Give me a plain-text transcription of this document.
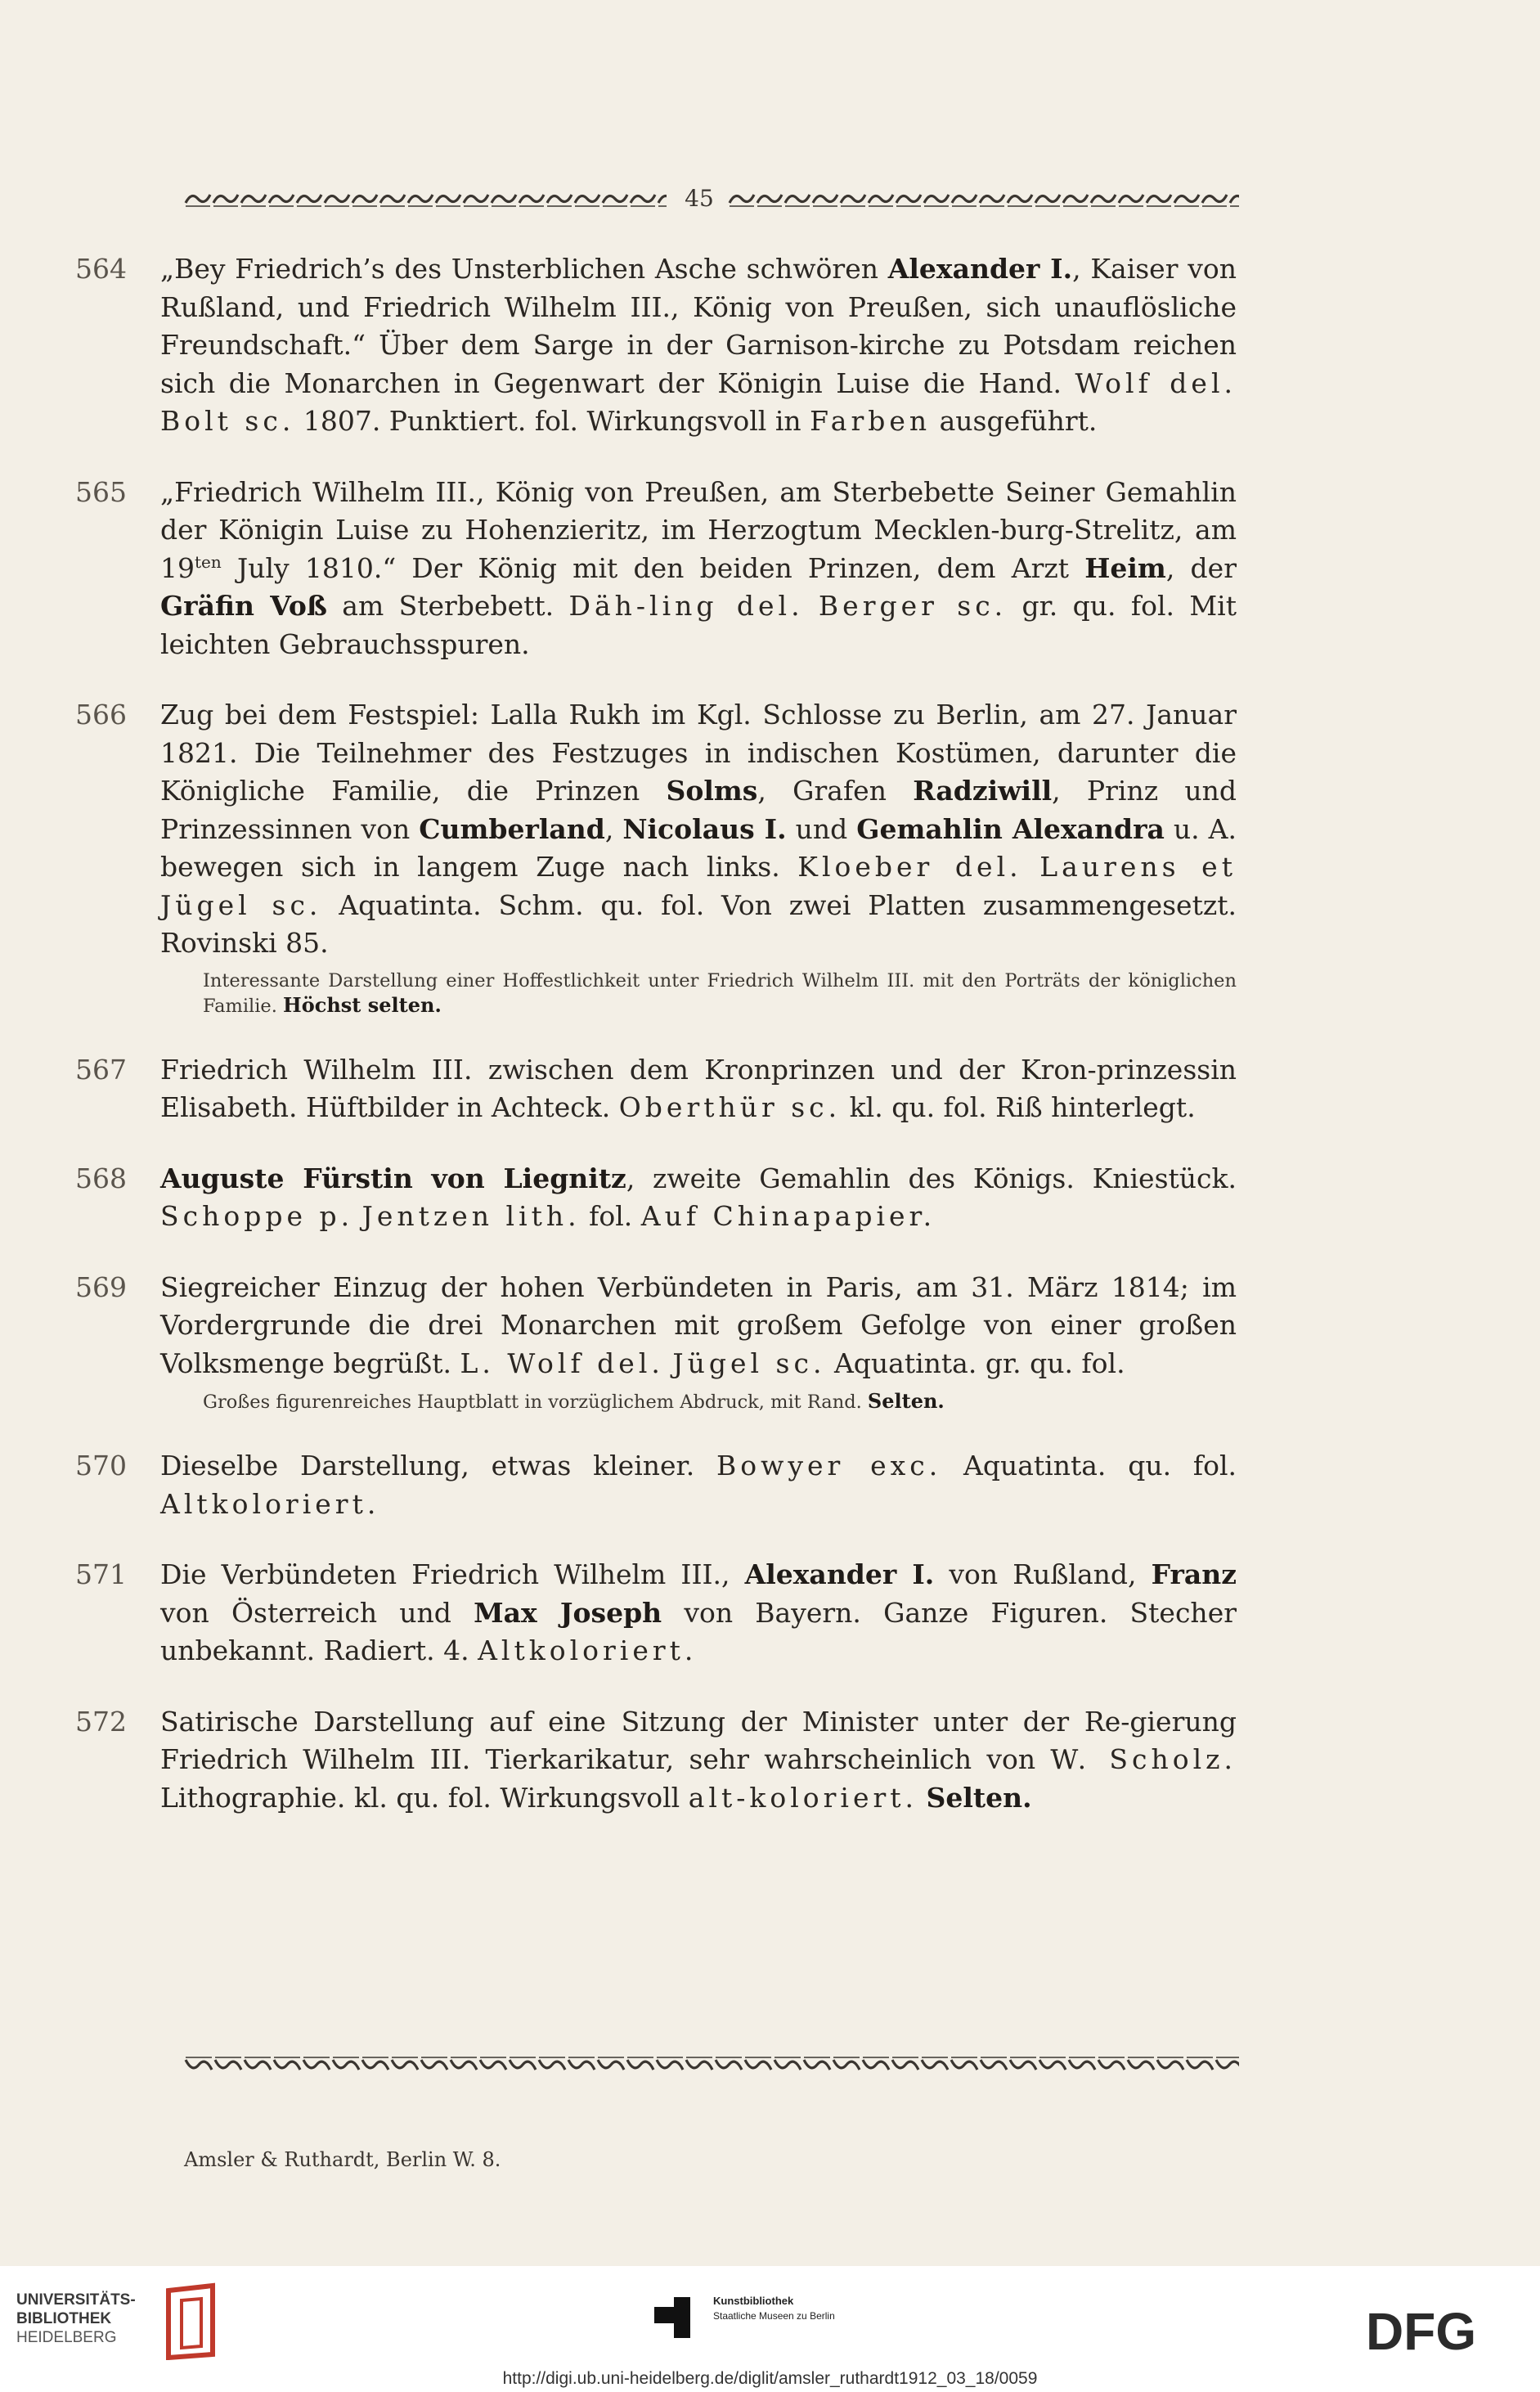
45
564	„Bey Friedrich’s des Unsterblichen Asche schwören Alexander I., Kaiser von Rußland, und Friedrich Wilhelm III., König von Preußen, sich unauflösliche Freundschaft.“ Über dem Sarge in der Garnison-kirche zu Potsdam reichen sich die Monarchen in Gegenwart der Königin Luise die Hand. Wolf del. Bolt sc. 1807. Punktiert. fol. Wirkungsvoll in Farben ausgeführt.
565	„Friedrich Wilhelm III., König von Preußen, am Sterbebette Seiner Gemahlin der Königin Luise zu Hohenzieritz, im Herzogtum Mecklen-burg-Strelitz, am $19^{ten}$ July 1810.“ Der König mit den beiden Prinzen, dem Arzt Heim, der Gräfin Voß am Sterbebett. Däh-ling del. Berger sc. gr. qu. fol. Mit leichten Gebrauchsspuren.
566	Zug bei dem Festspiel: Lalla Rukh im Kgl. Schlosse zu Berlin, am 27. Januar 1821. Die Teilnehmer des Festzuges in indischen Kostümen, darunter die Königliche Familie, die Prinzen Solms, Grafen Radziwill, Prinz und Prinzessinnen von Cumberland, Nicolaus I. und Gemahlin Alexandra u. A. bewegen sich in langem Zuge nach links. Kloeber del. Laurens et Jügel sc. Aquatinta. Schm. qu. fol. Von zwei Platten zusammengesetzt. Rovinski 85.
Interessante Darstellung einer Hoffestlichkeit unter Friedrich Wilhelm III. mit den Porträts der königlichen Familie. Höchst selten.
567	Friedrich Wilhelm III. zwischen dem Kronprinzen und der Kron-prinzessin Elisabeth. Hüftbilder in Achteck. Oberthür sc. kl. qu. fol. Riß hinterlegt.
568	Auguste Fürstin von Liegnitz, zweite Gemahlin des Königs. Kniestück. Schoppe p. Jentzen lith. fol. Auf Chinapapier.
569	Siegreicher Einzug der hohen Verbündeten in Paris, am 31. März 1814; im Vordergrunde die drei Monarchen mit großem Gefolge von einer großen Volksmenge begrüßt. L. Wolf del. Jügel sc. Aquatinta. gr. qu. fol.
Großes figurenreiches Hauptblatt in vorzüglichem Abdruck, mit Rand. Selten.
570	Dieselbe Darstellung, etwas kleiner. Bowyer exc. Aquatinta. qu. fol. Altkoloriert.
571	Die Verbündeten Friedrich Wilhelm III., Alexander I. von Rußland, Franz von Österreich und Max Joseph von Bayern. Ganze Figuren. Stecher unbekannt. Radiert. 4. Altkoloriert.
572	Satirische Darstellung auf eine Sitzung der Minister unter der Re-gierung Friedrich Wilhelm III. Tierkarikatur, sehr wahrscheinlich von W. Scholz. Lithographie. kl. qu. fol. Wirkungsvoll alt-koloriert. Selten.
Amsler & Ruthardt, Berlin W. 8.
UNIVERSITÄTS-
BIBLIOTHEK
HEIDELBERG
Kunstbibliothek
Staatliche Museen zu Berlin	DFG
http://digi.ub.uni-heidelberg.de/diglit/amsler_ruthardt1912_03_18/0059
